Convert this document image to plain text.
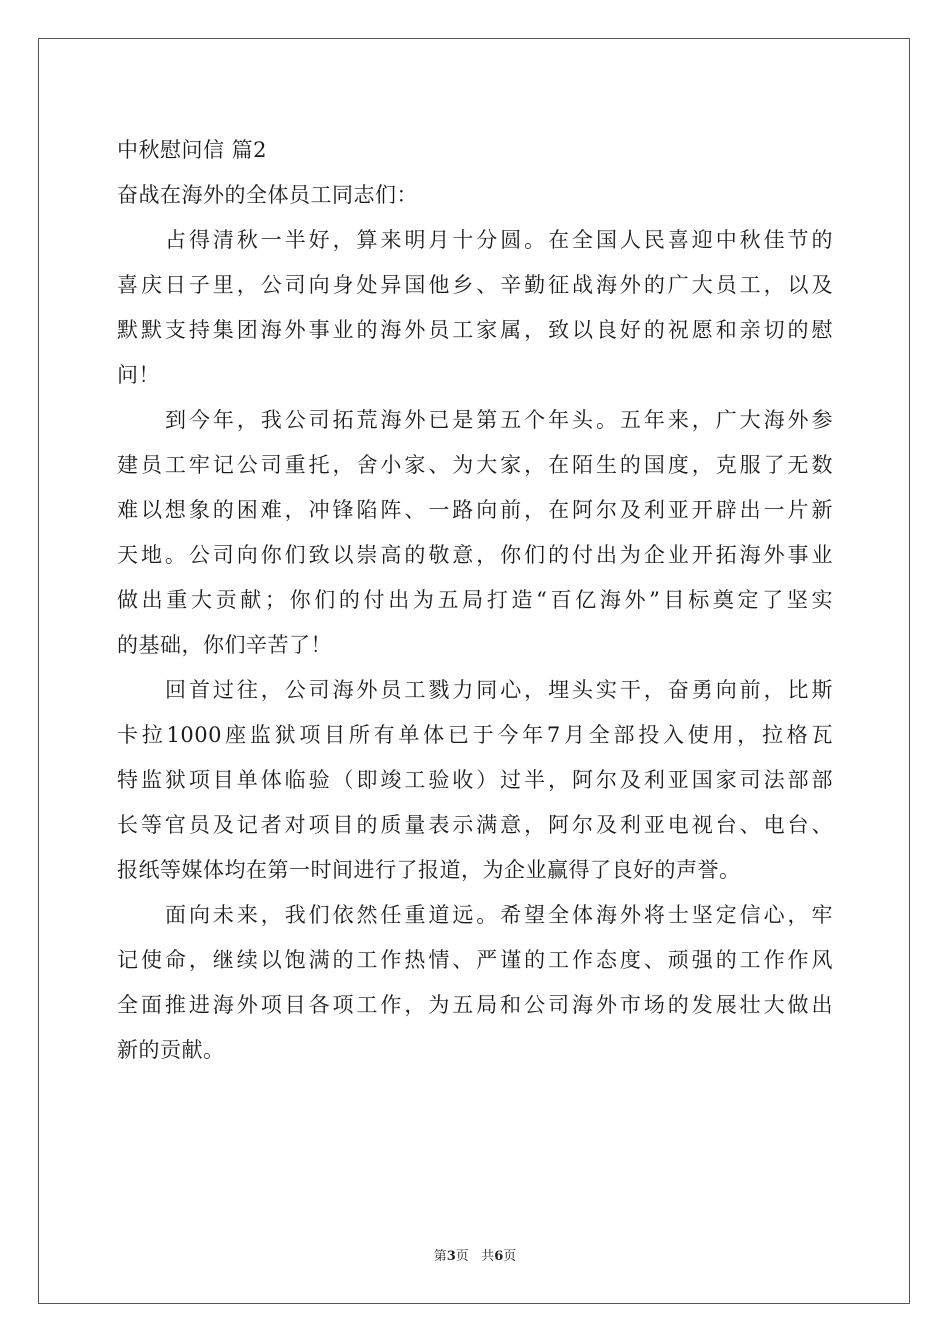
中秋慰问信 篇2
奋战在海外的全体员工同志们：
占得清秋一半好，算来明月十分圆。在全国人民喜迎中秋佳节的
喜庆日子里，公司向身处异国他乡、辛勤征战海外的广大员工，以及
默默支持集团海外事业的海外员工家属，致以良好的祝愿和亲切的慰
问！
到今年，我公司拓荒海外已是第五个年头。五年来，广大海外参
建员工牢记公司重托，舍小家、为大家，在陌生的国度，克服了无数
难以想象的困难，冲锋陷阵、一路向前，在阿尔及利亚开辟出一片新
天地。公司向你们致以崇高的敬意，你们的付出为企业开拓海外事业
做出重大贡献；你们的付出为五局打造“百亿海外”目标奠定了坚实
的基础，你们辛苦了！
回首过往，公司海外员工戮力同心，埋头实干，奋勇向前，比斯
卡拉1000座监狱项目所有单体已于今年7月全部投入使用，拉格瓦
特监狱项目单体临验（即竣工验收）过半，阿尔及利亚国家司法部部
长等官员及记者对项目的质量表示满意，阿尔及利亚电视台、电台、
报纸等媒体均在第一时间进行了报道，为企业赢得了良好的声誉。
面向未来，我们依然任重道远。希望全体海外将士坚定信心，牢
记使命，继续以饱满的工作热情、严谨的工作态度、顽强的工作作风
全面推进海外项目各项工作，为五局和公司海外市场的发展壮大做出
新的贡献。
第3页 共6页
